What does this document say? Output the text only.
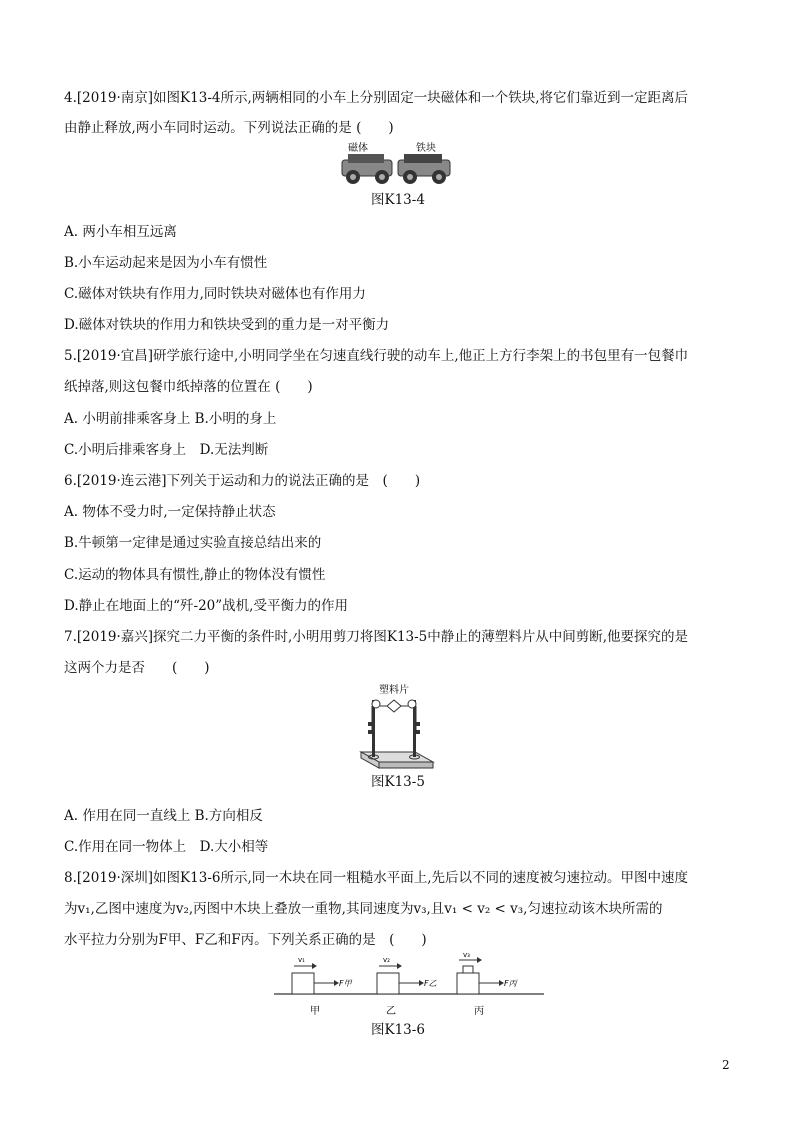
4.[2019·南京]如图K13-4所示,两辆相同的小车上分别固定一块磁体和一个铁块,将它们靠近到一定距离后
由静止释放,两小车同时运动。下列说法正确的是 (　　)
磁体	铁块
图K13-4
A. 两小车相互远离
B.小车运动起来是因为小车有惯性
C.磁体对铁块有作用力,同时铁块对磁体也有作用力
D.磁体对铁块的作用力和铁块受到的重力是一对平衡力
5.[2019·宜昌]研学旅行途中,小明同学坐在匀速直线行驶的动车上,他正上方行李架上的书包里有一包餐巾
纸掉落,则这包餐巾纸掉落的位置在 (　　)
A. 小明前排乘客身上 B.小明的身上
C.小明后排乘客身上　D.无法判断
6.[2019·连云港]下列关于运动和力的说法正确的是　(　　)
A. 物体不受力时,一定保持静止状态
B.牛顿第一定律是通过实验直接总结出来的
C.运动的物体具有惯性,静止的物体没有惯性
D.静止在地面上的“歼-20”战机,受平衡力的作用
7.[2019·嘉兴]探究二力平衡的条件时,小明用剪刀将图K13-5中静止的薄塑料片从中间剪断,他要探究的是
这两个力是否　　(　　)
塑料片
图K13-5
A. 作用在同一直线上 B.方向相反
C.作用在同一物体上　D.大小相等
8.[2019·深圳]如图K13-6所示,同一木块在同一粗糙水平面上,先后以不同的速度被匀速拉动。甲图中速度
为v₁,乙图中速度为v₂,丙图中木块上叠放一重物,其同速度为v₃,且v₁ < v₂ < v₃,匀速拉动该木块所需的
水平拉力分别为F甲、F乙和F丙。下列关系正确的是　(　　)
v₁
F甲
甲
v₂
F乙
乙
v₃
F丙
丙
图K13-6
2
